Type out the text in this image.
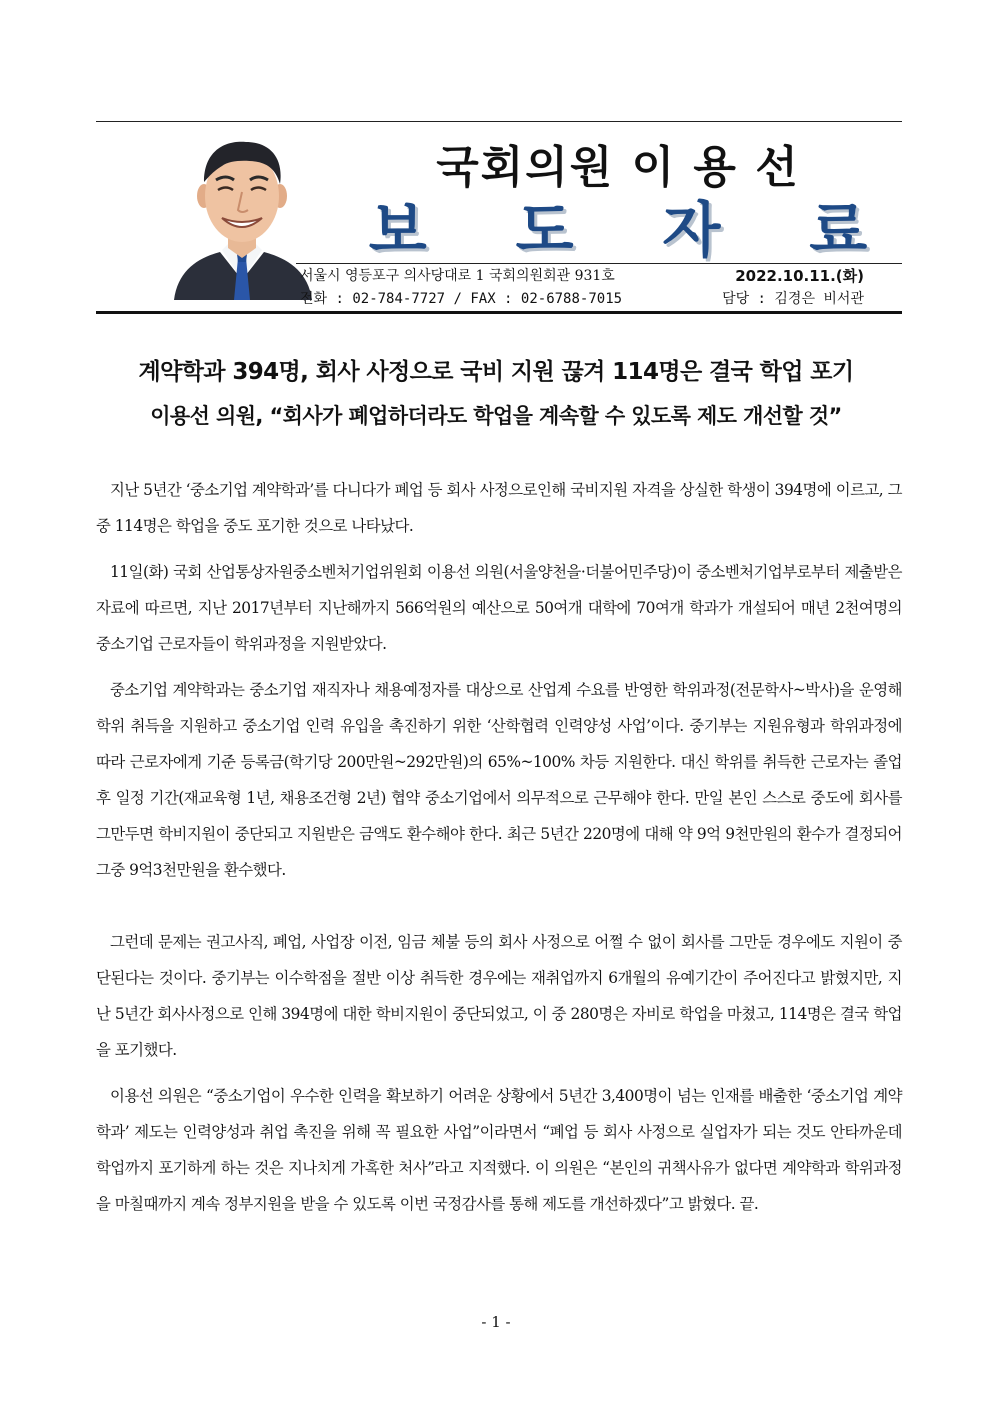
국회의원 이 용 선
보 도 자 료
서울시 영등포구 의사당대로 1 국회의원회관 931호	2022.10.11.(화)
전화 : 02-784-7727 / FAX : 02-6788-7015	담당 : 김경은 비서관
계약학과 394명, 회사 사정으로 국비 지원 끊겨 114명은 결국 학업 포기
이용선 의원, “회사가 폐업하더라도 학업을 계속할 수 있도록 제도 개선할 것”

지난 5년간 ‘중소기업 계약학과’를 다니다가 폐업 등 회사 사정으로인해 국비지원 자격을 상실한 학생이 394명에 이르고, 그 중 114명은 학업을 중도 포기한 것으로 나타났다.

11일(화) 국회 산업통상자원중소벤처기업위원회 이용선 의원(서울양천을·더불어민주당)이 중소벤처기업부로부터 제출받은 자료에 따르면, 지난 2017년부터 지난해까지 566억원의 예산으로 50여개 대학에 70여개 학과가 개설되어 매년 2천여명의 중소기업 근로자들이 학위과정을 지원받았다.

중소기업 계약학과는 중소기업 재직자나 채용예정자를 대상으로 산업계 수요를 반영한 학위과정(전문학사~박사)을 운영해 학위 취득을 지원하고 중소기업 인력 유입을 촉진하기 위한 ‘산학협력 인력양성 사업’이다. 중기부는 지원유형과 학위과정에 따라 근로자에게 기준 등록금(학기당 200만원~292만원)의 65%~100% 차등 지원한다. 대신 학위를 취득한 근로자는 졸업 후 일정 기간(재교육형 1년, 채용조건형 2년) 협약 중소기업에서 의무적으로 근무해야 한다. 만일 본인 스스로 중도에 회사를 그만두면 학비지원이 중단되고 지원받은 금액도 환수해야 한다. 최근 5년간 220명에 대해 약 9억 9천만원의 환수가 결정되어 그중 9억3천만원을 환수했다.

그런데 문제는 권고사직, 폐업, 사업장 이전, 임금 체불 등의 회사 사정으로 어쩔 수 없이 회사를 그만둔 경우에도 지원이 중단된다는 것이다. 중기부는 이수학점을 절반 이상 취득한 경우에는 재취업까지 6개월의 유예기간이 주어진다고 밝혔지만, 지난 5년간 회사사정으로 인해 394명에 대한 학비지원이 중단되었고, 이 중 280명은 자비로 학업을 마쳤고, 114명은 결국 학업을 포기했다.

이용선 의원은 “중소기업이 우수한 인력을 확보하기 어려운 상황에서 5년간 3,400명이 넘는 인재를 배출한 ‘중소기업 계약학과’ 제도는 인력양성과 취업 촉진을 위해 꼭 필요한 사업”이라면서 “폐업 등 회사 사정으로 실업자가 되는 것도 안타까운데 학업까지 포기하게 하는 것은 지나치게 가혹한 처사”라고 지적했다. 이 의원은 “본인의 귀책사유가 없다면 계약학과 학위과정을 마칠때까지 계속 정부지원을 받을 수 있도록 이번 국정감사를 통해 제도를 개선하겠다”고 밝혔다. 끝.

- 1 -
